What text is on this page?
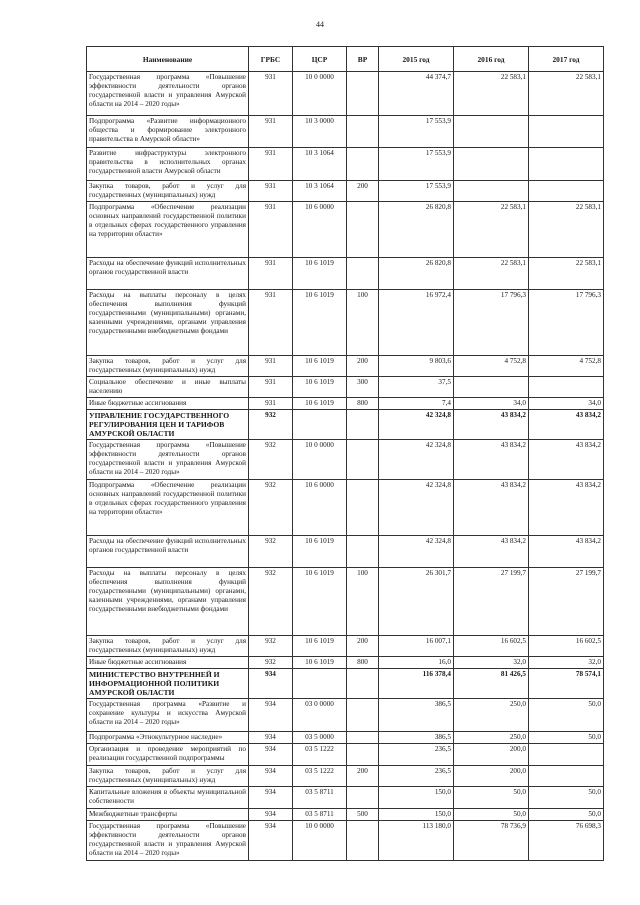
44
Наименование	ГРБС	ЦСР	ВР	2015 год	2016 год	2017 год
Государственная программа «Повышение эффективности деятельности органов государственной власти и управления Амурской области на 2014 – 2020 годы»	931	10 0 0000		44 374,7	22 583,1	22 583,1
Подпрограмма «Развитие информационного общества и формирование электронного правительства в Амурской области»	931	10 3 0000		17 553,9		
Развитие инфраструктуры электронного правительства в исполнительных органах государственной власти Амурской области	931	10 3 1064		17 553,9		
Закупка товаров, работ и услуг для государственных (муниципальных) нужд	931	10 3 1064	200	17 553,9		
Подпрограмма «Обеспечение реализации основных направлений государственной политики в отдельных сферах государственного управления на территории области»	931	10 6 0000		26 820,8	22 583,1	22 583,1
Расходы на обеспечение функций исполнительных органов государственной власти	931	10 6 1019		26 820,8	22 583,1	22 583,1
Расходы на выплаты персоналу в целях обеспечения выполнения функций государственными (муниципальными) органами, казенными учреждениями, органами управления государственными внебюджетными фондами	931	10 6 1019	100	16 972,4	17 796,3	17 796,3
Закупка товаров, работ и услуг для государственных (муниципальных) нужд	931	10 6 1019	200	9 803,6	4 752,8	4 752,8
Социальное обеспечение и иные выплаты населению	931	10 6 1019	300	37,5		
Иные бюджетные ассигнования	931	10 6 1019	800	7,4	34,0	34,0
УПРАВЛЕНИЕ ГОСУДАРСТВЕННОГО РЕГУЛИРОВАНИЯ ЦЕН И ТАРИФОВ АМУРСКОЙ ОБЛАСТИ	932			42 324,8	43 834,2	43 834,2
Государственная программа «Повышение эффективности деятельности органов государственной власти и управления Амурской области на 2014 – 2020 годы»	932	10 0 0000		42 324,8	43 834,2	43 834,2
Подпрограмма «Обеспечение реализации основных направлений государственной политики в отдельных сферах государственного управления на территории области»	932	10 6 0000		42 324,8	43 834,2	43 834,2
Расходы на обеспечение функций исполнительных органов государственной власти	932	10 6 1019		42 324,8	43 834,2	43 834,2
Расходы на выплаты персоналу в целях обеспечения выполнения функций государственными (муниципальными) органами, казенными учреждениями, органами управления государственными внебюджетными фондами	932	10 6 1019	100	26 301,7	27 199,7	27 199,7
Закупка товаров, работ и услуг для государственных (муниципальных) нужд	932	10 6 1019	200	16 007,1	16 602,5	16 602,5
Иные бюджетные ассигнования	932	10 6 1019	800	16,0	32,0	32,0
МИНИСТЕРСТВО ВНУТРЕННЕЙ И ИНФОРМАЦИОННОЙ ПОЛИТИКИ АМУРСКОЙ ОБЛАСТИ	934			116 378,4	81 426,5	78 574,1
Государственная программа «Развитие и сохранение культуры и искусства Амурской области на 2014 – 2020 годы»	934	03 0 0000		386,5	250,0	50,0
Подпрограмма «Этнокультурное наследие»	934	03 5 0000		386,5	250,0	50,0
Организация и проведение мероприятий по реализации государственной подпрограммы	934	03 5 1222		236,5	200,0	
Закупка товаров, работ и услуг для государственных (муниципальных) нужд	934	03 5 1222	200	236,5	200,0	
Капитальные вложения в объекты муниципальной собственности	934	03 5 8711		150,0	50,0	50,0
Межбюджетные трансферты	934	03 5 8711	500	150,0	50,0	50,0
Государственная программа «Повышение эффективности деятельности органов государственной власти и управления Амурской области на 2014 – 2020 годы»	934	10 0 0000		113 180,0	78 736,9	76 698,3
